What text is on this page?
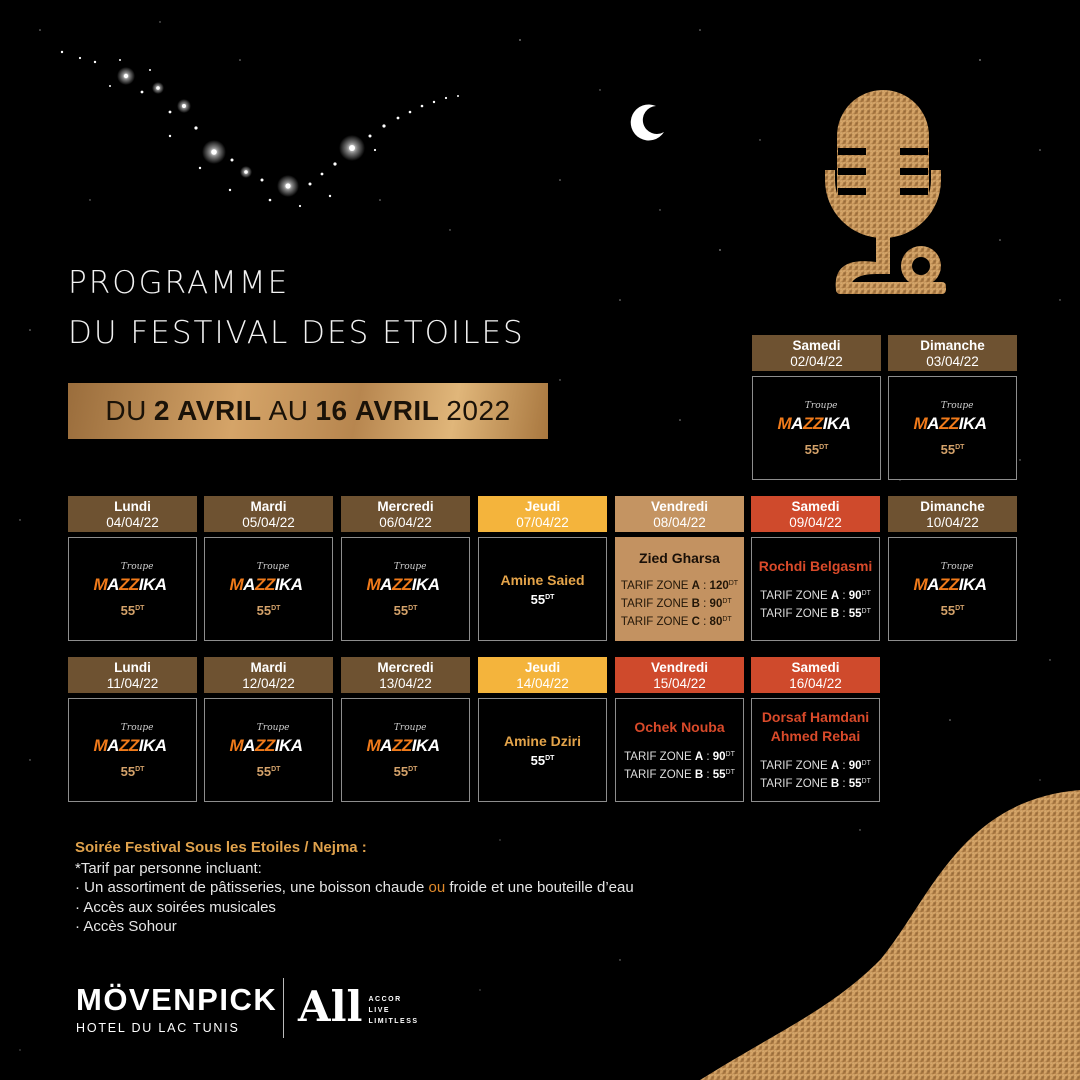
PROGRAMME
DU FESTIVAL DES ETOILES
DU 2 AVRIL AU 16 AVRIL 2022
Samedi
02/04/22
Troupe
MAZZIKA
$55^{DT}$
Dimanche
03/04/22
Troupe
MAZZIKA
$55^{DT}$
Lundi
04/04/22
Troupe
MAZZIKA
$55^{DT}$
Mardi
05/04/22
Troupe
MAZZIKA
$55^{DT}$
Mercredi
06/04/22
Troupe
MAZZIKA
$55^{DT}$
Jeudi
07/04/22
Amine Saied
$55^{DT}$
Vendredi
08/04/22
Zied Gharsa
TARIF ZONE A : $120^{DT}$
TARIF ZONE B : $90^{DT}$
TARIF ZONE C : $80^{DT}$
Samedi
09/04/22
Rochdi Belgasmi
TARIF ZONE A : $90^{DT}$
TARIF ZONE B : $55^{DT}$
Dimanche
10/04/22
Troupe
MAZZIKA
$55^{DT}$
Lundi
11/04/22
Troupe
MAZZIKA
$55^{DT}$
Mardi
12/04/22
Troupe
MAZZIKA
$55^{DT}$
Mercredi
13/04/22
Troupe
MAZZIKA
$55^{DT}$
Jeudi
14/04/22
Amine Dziri
$55^{DT}$
Vendredi
15/04/22
Ochek Nouba
TARIF ZONE A : $90^{DT}$
TARIF ZONE B : $55^{DT}$
Samedi
16/04/22
Dorsaf Hamdani
Ahmed Rebai
TARIF ZONE A : $90^{DT}$
TARIF ZONE B : $55^{DT}$
Soirée Festival Sous les Etoiles / Nejma :
*Tarif par personne incluant:
· Un assortiment de pâtisseries, une boisson chaude ou froide et une bouteille d’eau
· Accès aux soirées musicales
· Accès Sohour
MÖVENPICK
HOTEL DU LAC TUNIS	All ACCOR
LIVE
LIMITLESS
